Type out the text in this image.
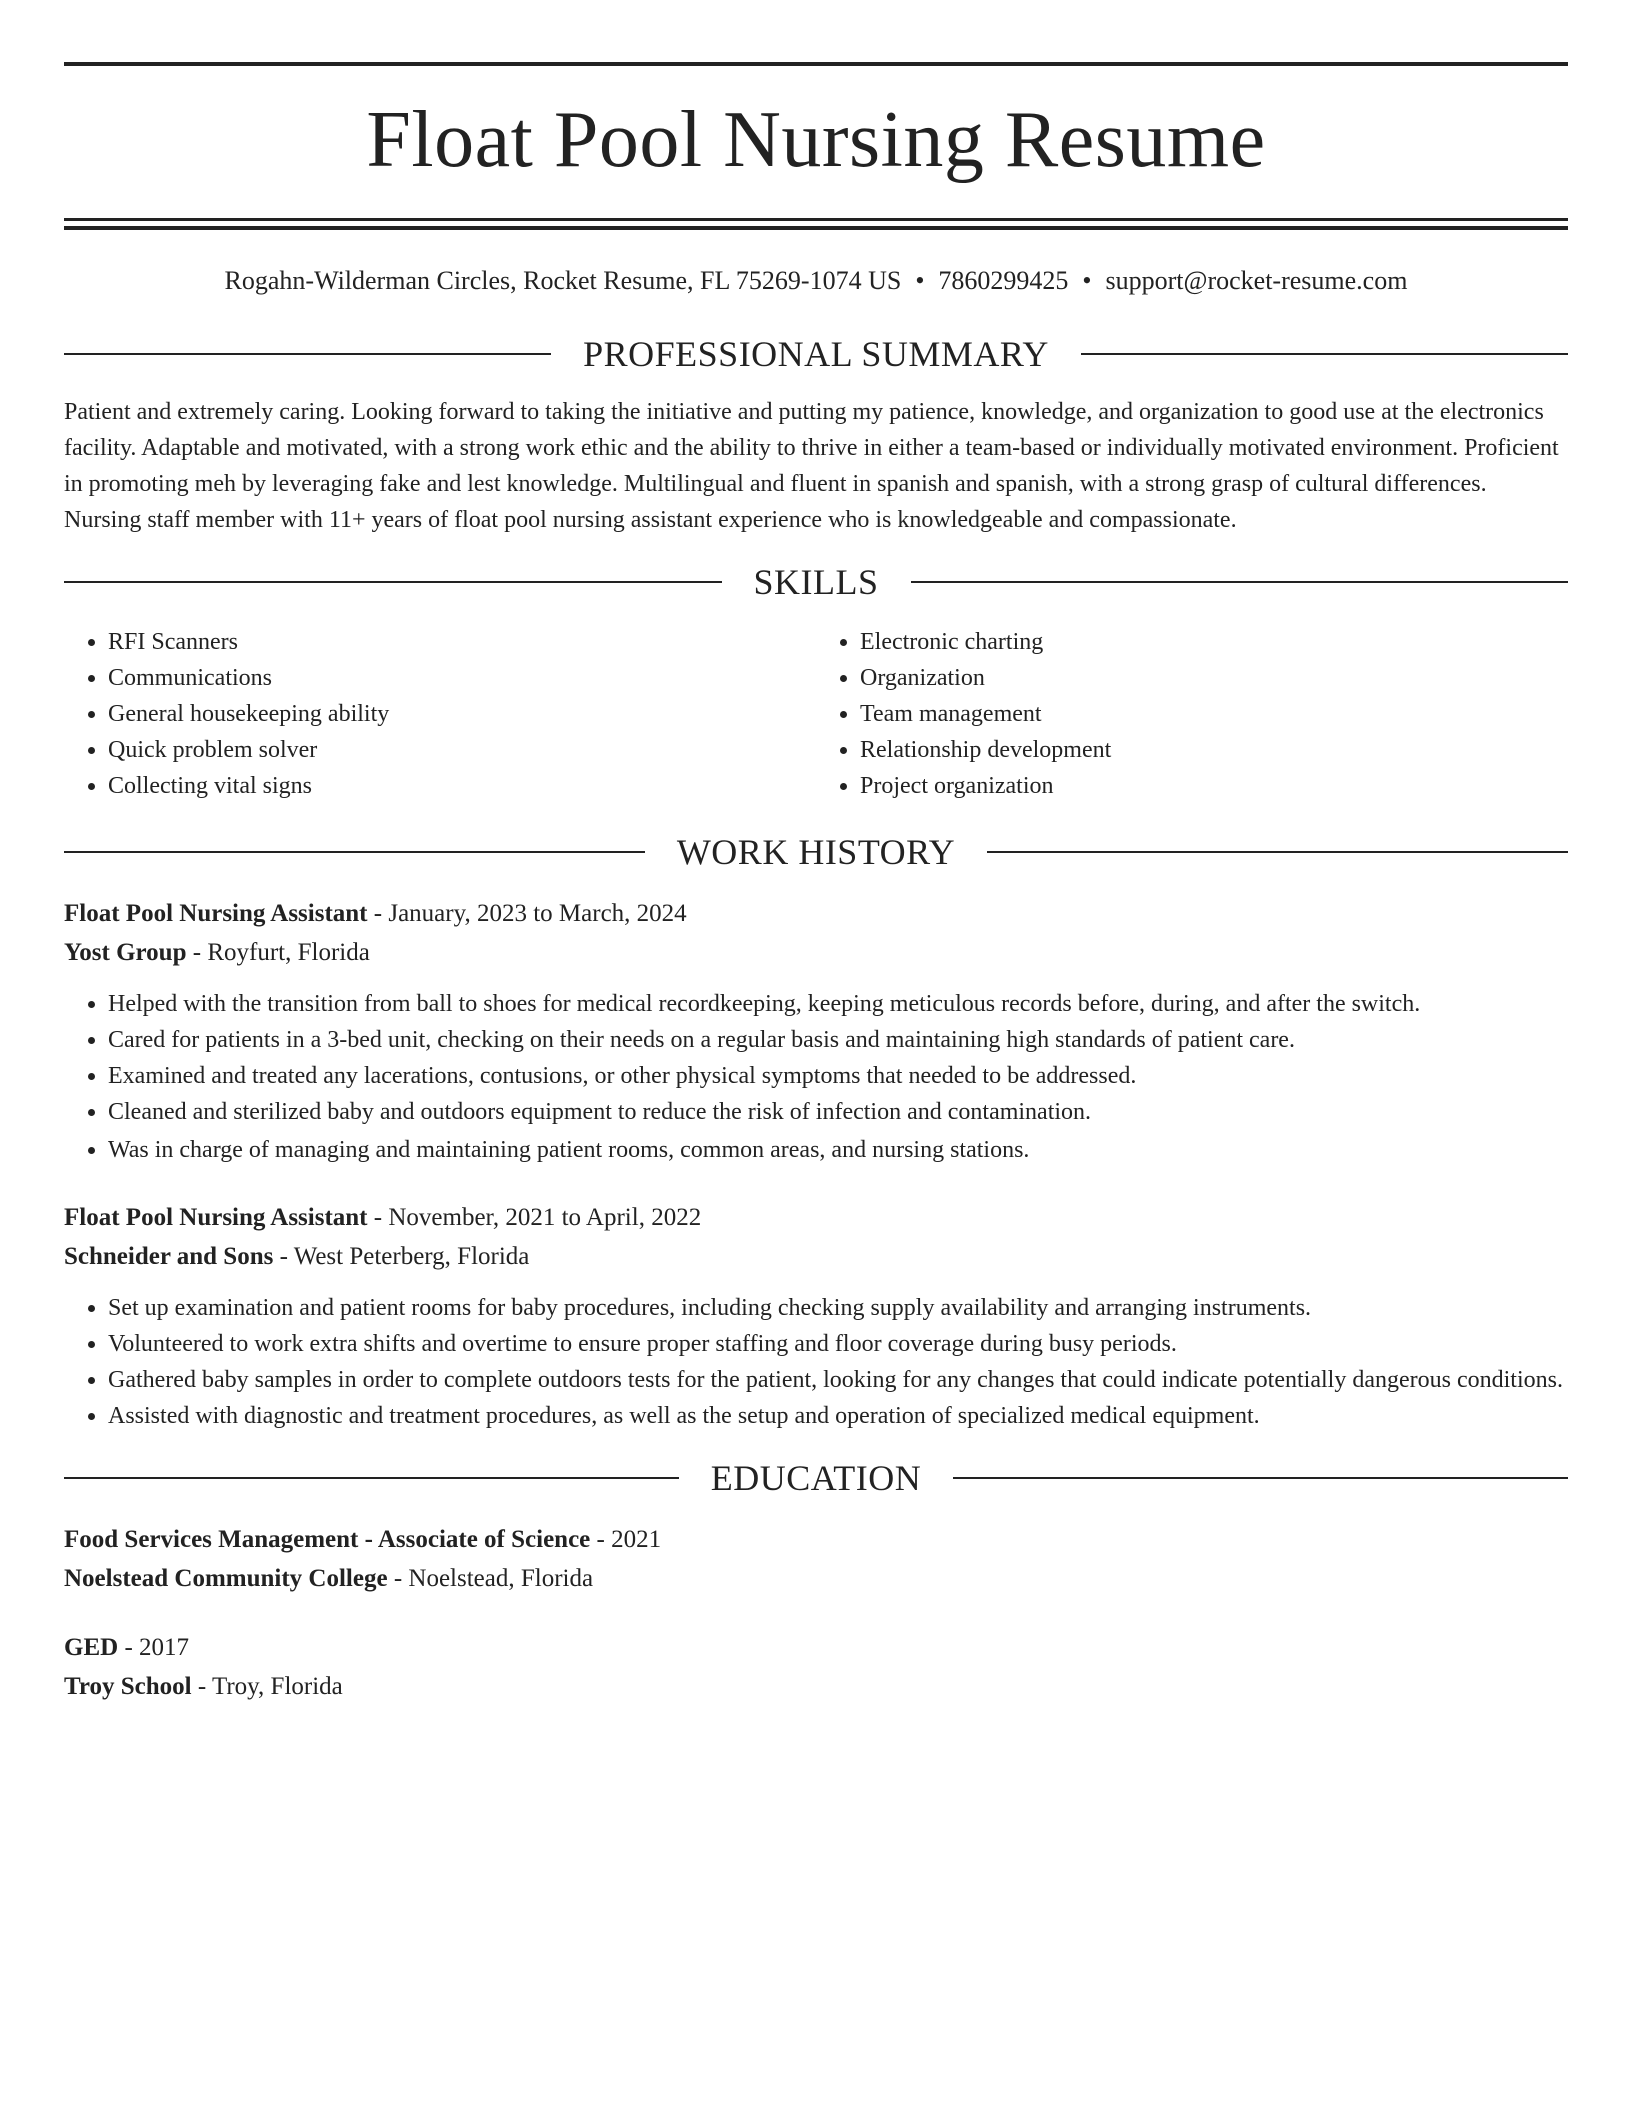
Float Pool Nursing Resume
Rogahn-Wilderman Circles, Rocket Resume, FL 75269-1074 US • 7860299425 • support@rocket-resume.com
PROFESSIONAL SUMMARY

Patient and extremely caring. Looking forward to taking the initiative and putting my patience, knowledge, and organization to good use at the electronics facility. Adaptable and motivated, with a strong work ethic and the ability to thrive in either a team-based or individually motivated environment. Proficient in promoting meh by leveraging fake and lest knowledge. Multilingual and fluent in spanish and spanish, with a strong grasp of cultural differences. Nursing staff member with 11+ years of float pool nursing assistant experience who is knowledgeable and compassionate.

SKILLS
• RFI Scanners
• Communications
• General housekeeping ability
• Quick problem solver
• Collecting vital signs
• Electronic charting
• Organization
• Team management
• Relationship development
• Project organization
WORK HISTORY
Float Pool Nursing Assistant - January, 2023 to March, 2024
Yost Group - Royfurt, Florida
• Helped with the transition from ball to shoes for medical recordkeeping, keeping meticulous records before, during, and after the switch.
• Cared for patients in a 3-bed unit, checking on their needs on a regular basis and maintaining high standards of patient care.
• Examined and treated any lacerations, contusions, or other physical symptoms that needed to be addressed.
• Cleaned and sterilized baby and outdoors equipment to reduce the risk of infection and contamination.
• Was in charge of managing and maintaining patient rooms, common areas, and nursing stations.
Float Pool Nursing Assistant - November, 2021 to April, 2022
Schneider and Sons - West Peterberg, Florida
• Set up examination and patient rooms for baby procedures, including checking supply availability and arranging instruments.
• Volunteered to work extra shifts and overtime to ensure proper staffing and floor coverage during busy periods.
• Gathered baby samples in order to complete outdoors tests for the patient, looking for any changes that could indicate potentially dangerous conditions.
• Assisted with diagnostic and treatment procedures, as well as the setup and operation of specialized medical equipment.
EDUCATION
Food Services Management - Associate of Science - 2021
Noelstead Community College - Noelstead, Florida
GED - 2017
Troy School - Troy, Florida
